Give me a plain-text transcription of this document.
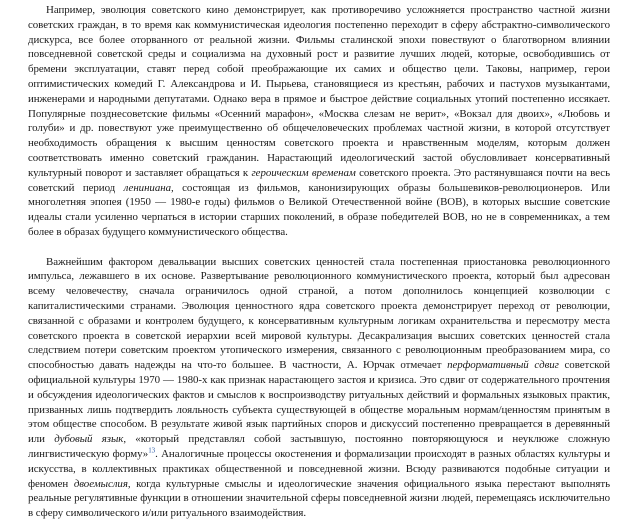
Например, эволюция советского кино демонстрирует, как противоречиво усложняется пространство частной жизни советских граждан, в то время как коммунистическая идеология постепенно переходит в сферу абстрактно-символического дискурса, все более оторванного от реальной жизни. Фильмы сталинской эпохи повествуют о благотворном влиянии повседневной советской среды и социализма на духовный рост и развитие лучших людей, которые, освободившись от бремени эксплуатации, ставят перед собой преображающие их самих и общество цели. Таковы, например, герои оптимистических комедий Г. Александрова и И. Пырьева, становящиеся из крестьян, рабочих и пастухов музыкантами, инженерами и народными депутатами. Однако вера в прямое и быстрое действие социальных утопий постепенно иссякает. Популярные позднесоветские фильмы «Осенний марафон», «Москва слезам не верит», «Вокзал для двоих», «Любовь и голуби» и др. повествуют уже преимущественно об общечеловеческих проблемах частной жизни, в которой отсутствует необходимость обращения к высшим ценностям советского проекта и нравственным моделям, которым должен соответствовать именно советский гражданин. Нарастающий идеологический застой обусловливает консервативный культурный поворот и заставляет обращаться к героическим временам советского проекта. Это растянувшаяся почти на весь советский период лениниана, состоящая из фильмов, канонизирующих образы большевиков-революционеров. Или многолетняя эпопея (1950 — 1980-е годы) фильмов о Великой Отечественной войне (ВОВ), в которых высшие советские идеалы стали усиленно черпаться в истории старших поколений, в образе победителей ВОВ, но не в современниках, а тем более в образах будущего коммунистического общества.

Важнейшим фактором девальвации высших советских ценностей стала постепенная приостановка революционного импульса, лежавшего в их основе. Развертывание революционного коммунистического проекта, который был адресован всему человечеству, сначала ограничилось одной страной, а потом дополнилось концепцией козволюции с капиталистическими странами. Эволюция ценностного ядра советского проекта демонстрирует переход от революции, связанной с образами и контролем будущего, к консервативным культурным логикам охранительства и пересмотру места советского проекта в советской иерархии всей мировой культуры. Десакрализация высших советских ценностей стала следствием потери советским проектом утопического измерения, связанного с революционным преобразованием мира, со способностью давать надежды на что-то большее. В частности, А. Юрчак отмечает перформативный сдвиг советской официальной культуры 1970 — 1980-х как признак нарастающего застоя и кризиса. Это сдвиг от содержательного прочтения и обсуждения идеологических фактов и смыслов к воспроизводству ритуальных действий и формальных языковых практик, призванных лишь подтвердить лояльность субъекта существующей в обществе моральным нормам/ценностям принятым в этом обществе способом. В результате живой язык партийных споров и дискуссий постепенно превращается в деревянный или дубовый язык, «который представлял собой застывшую, постоянно повторяющуюся и неуклюже сложную лингвистическую форму»$^{13}$. Аналогичные процессы окостенения и формализации происходят в разных областях культуры и искусства, в коллективных практиках общественной и повседневной жизни. Всюду развиваются подобные ситуации и феномен двоемыслия, когда культурные смыслы и идеологические значения официального языка перестают выполнять реальные регулятивные функции в отношении значительной сферы повседневной жизни людей, перемещаясь исключительно в сферу символического и/или ритуального взаимодействия.
